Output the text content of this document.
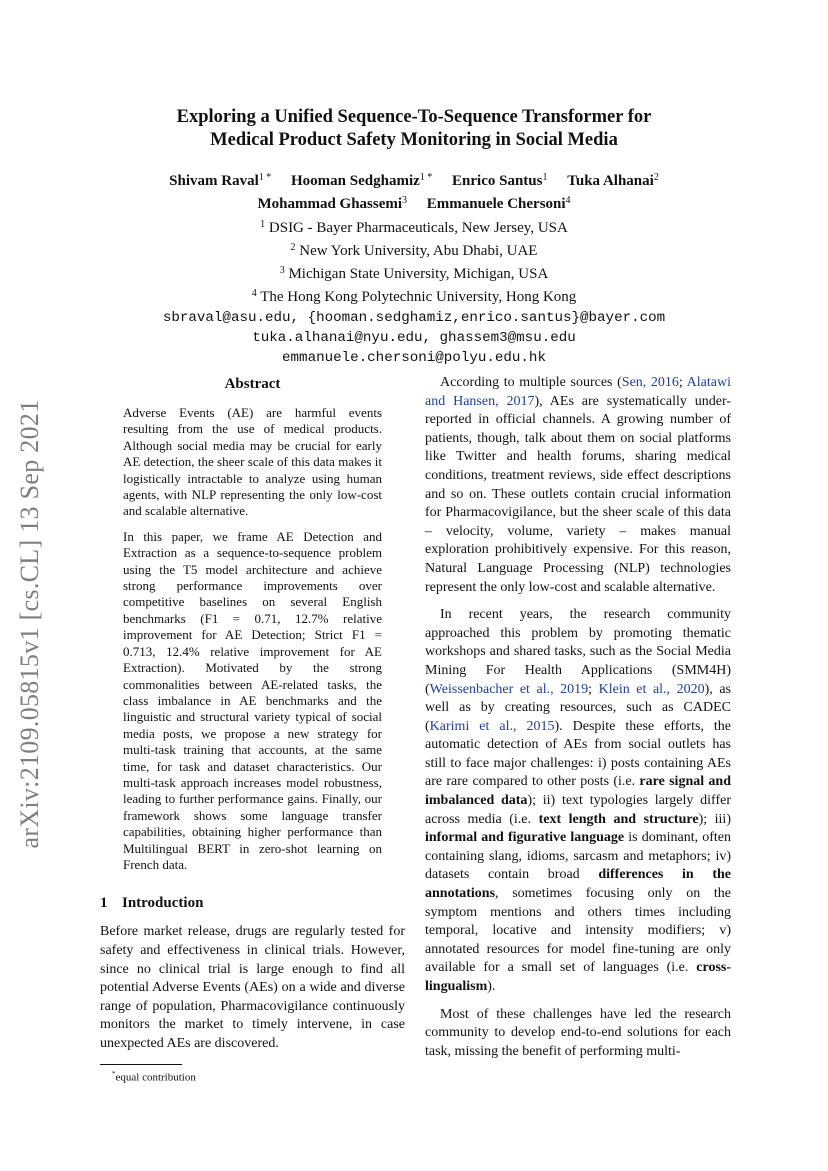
arXiv:2109.05815v1 [cs.CL] 13 Sep 2021
Exploring a Unified Sequence-To-Sequence Transformer for
Medical Product Safety Monitoring in Social Media
Shivam Raval$^{1 *}$ Hooman Sedghamiz$^{1 *}$ Enrico Santus$^1$ Tuka Alhanai$^2$
Mohammad Ghassemi$^3$ Emmanuele Chersoni$^4$
$^1$ DSIG - Bayer Pharmaceuticals, New Jersey, USA
$^2$ New York University, Abu Dhabi, UAE
$^3$ Michigan State University, Michigan, USA
$^4$ The Hong Kong Polytechnic University, Hong Kong
sbraval@asu.edu, {hooman.sedghamiz,enrico.santus}@bayer.com
tuka.alhanai@nyu.edu, ghassem3@msu.edu
emmanuele.chersoni@polyu.edu.hk
Abstract

Adverse Events (AE) are harmful events resulting from the use of medical products. Although social media may be crucial for early AE detection, the sheer scale of this data makes it logistically intractable to analyze using human agents, with NLP representing the only low-cost and scalable alternative.

In this paper, we frame AE Detection and Extraction as a sequence-to-sequence problem using the T5 model architecture and achieve strong performance improvements over competitive baselines on several English benchmarks (F1 = 0.71, 12.7% relative improvement for AE Detection; Strict F1 = 0.713, 12.4% relative improvement for AE Extraction). Motivated by the strong commonalities between AE-related tasks, the class imbalance in AE benchmarks and the linguistic and structural variety typical of social media posts, we propose a new strategy for multi-task training that accounts, at the same time, for task and dataset characteristics. Our multi-task approach increases model robustness, leading to further performance gains. Finally, our framework shows some language transfer capabilities, obtaining higher performance than Multilingual BERT in zero-shot learning on French data.

1 Introduction

Before market release, drugs are regularly tested for safety and effectiveness in clinical trials. However, since no clinical trial is large enough to find all potential Adverse Events (AEs) on a wide and diverse range of population, Pharmacovigilance continuously monitors the market to timely intervene, in case unexpected AEs are discovered.

*equal contribution

According to multiple sources (Sen, 2016; Alatawi and Hansen, 2017), AEs are systematically under-reported in official channels. A growing number of patients, though, talk about them on social platforms like Twitter and health forums, sharing medical conditions, treatment reviews, side effect descriptions and so on. These outlets contain crucial information for Pharmacovigilance, but the sheer scale of this data – velocity, volume, variety – makes manual exploration prohibitively expensive. For this reason, Natural Language Processing (NLP) technologies represent the only low-cost and scalable alternative.

In recent years, the research community approached this problem by promoting thematic workshops and shared tasks, such as the Social Media Mining For Health Applications (SMM4H) (Weissenbacher et al., 2019; Klein et al., 2020), as well as by creating resources, such as CADEC (Karimi et al., 2015). Despite these efforts, the automatic detection of AEs from social outlets has still to face major challenges: i) posts containing AEs are rare compared to other posts (i.e. rare signal and imbalanced data); ii) text typologies largely differ across media (i.e. text length and structure); iii) informal and figurative language is dominant, often containing slang, idioms, sarcasm and metaphors; iv) datasets contain broad differences in the annotations, sometimes focusing only on the symptom mentions and others times including temporal, locative and intensity modifiers; v) annotated resources for model fine-tuning are only available for a small set of languages (i.e. cross-lingualism).

Most of these challenges have led the research community to develop end-to-end solutions for each task, missing the benefit of performing multi-
